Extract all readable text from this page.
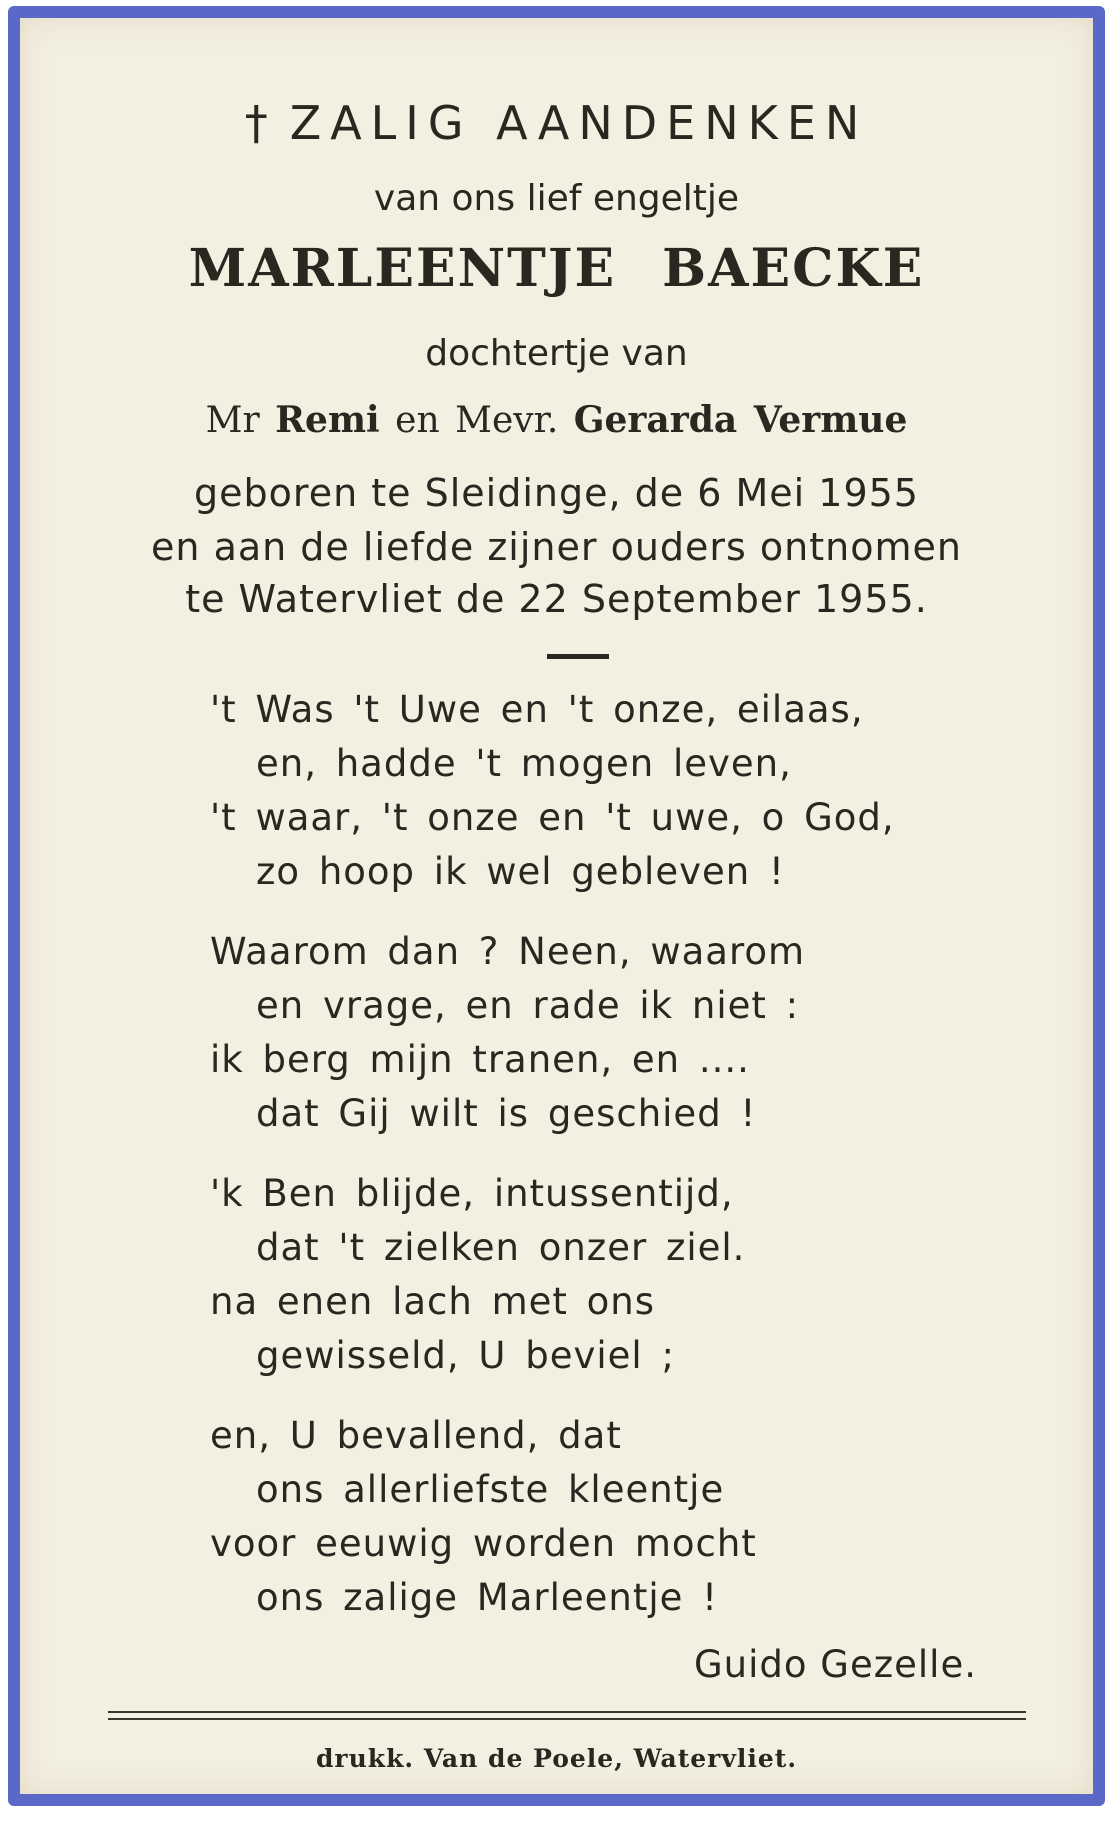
† ZALIG AANDENKEN
van ons lief engeltje
MARLEENTJE BAECKE
dochtertje van
Mr Remi en Mevr. Gerarda Vermue
geboren te Sleidinge, de 6 Mei 1955
en aan de liefde zijner ouders ontnomen
te Watervliet de 22 September 1955.
't Was 't Uwe en 't onze, eilaas,
en, hadde 't mogen leven,
't waar, 't onze en 't uwe, o God,
zo hoop ik wel gebleven !
Waarom dan ? Neen, waarom
en vrage, en rade ik niet :
ik berg mijn tranen, en ....
dat Gij wilt is geschied !
'k Ben blijde, intussentijd,
dat 't zielken onzer ziel.
na enen lach met ons
gewisseld, U beviel ;
en, U bevallend, dat
ons allerliefste kleentje
voor eeuwig worden mocht
ons zalige Marleentje !
Guido Gezelle.
drukk. Van de Poele, Watervliet.
